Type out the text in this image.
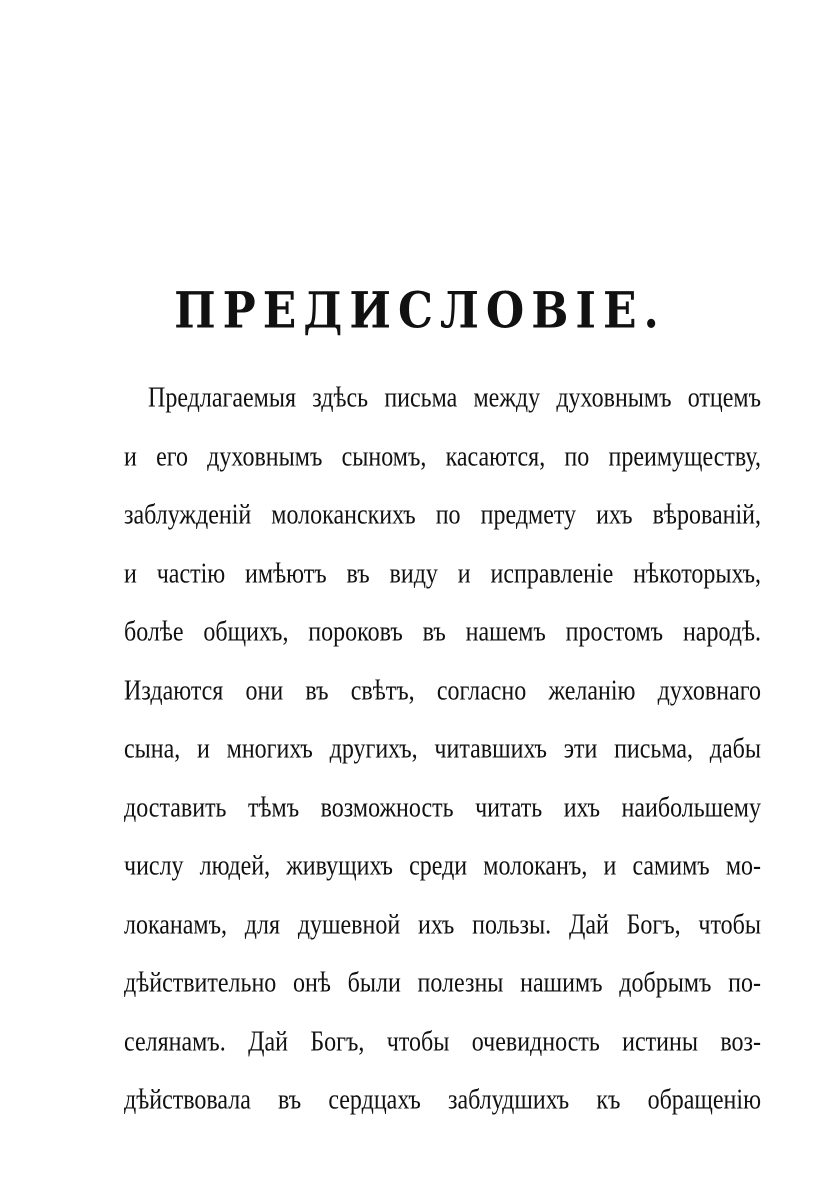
ПРЕДИСЛОВІЕ.
Предлагаемыя здѣсь письма между духовнымъ отцемъ
и его духовнымъ сыномъ, касаются, по преимуществу,
заблужденій молоканскихъ по предмету ихъ вѣрованій,
и частію имѣютъ въ виду и исправленіе нѣкоторыхъ,
болѣе общихъ, пороковъ въ нашемъ простомъ народѣ.
Издаются они въ свѣтъ, согласно желанію духовнаго
сына, и многихъ другихъ, читавшихъ эти письма, дабы
доставить тѣмъ возможность читать ихъ наибольшему
числу людей, живущихъ среди молоканъ, и самимъ мо-
локанамъ, для душевной ихъ пользы. Дай Богъ, чтобы
дѣйствительно онѣ были полезны нашимъ добрымъ по-
селянамъ. Дай Богъ, чтобы очевидность истины воз-
дѣйствовала въ сердцахъ заблудшихъ къ обращенію
